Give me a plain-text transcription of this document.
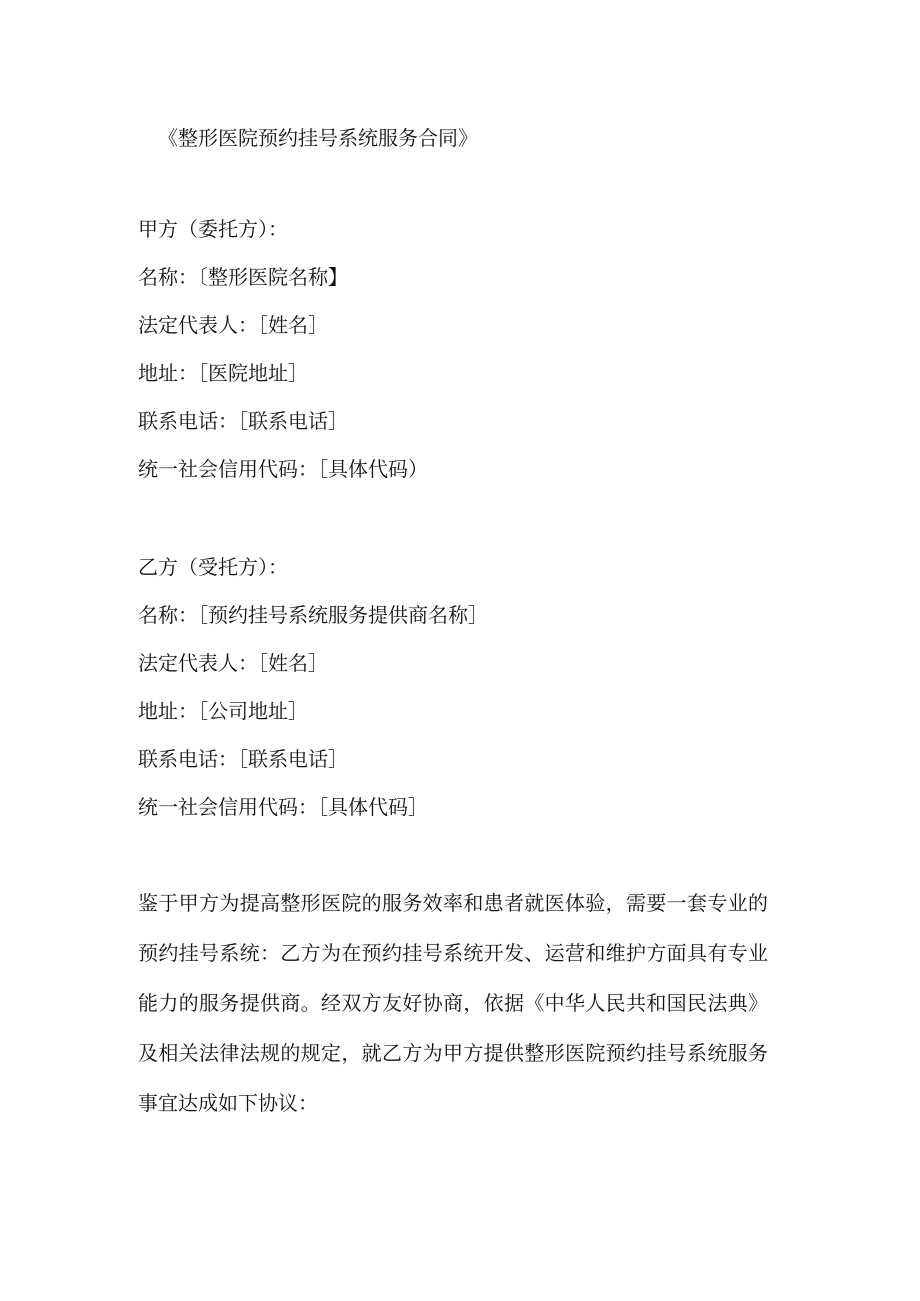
《整形医院预约挂号系统服务合同》
甲方（委托方）：
名称：〔整形医院名称】
法定代表人：［姓名］
地址：［医院地址］
联系电话：［联系电话］
统一社会信用代码：［具体代码）
乙方（受托方）：
名称：［预约挂号系统服务提供商名称］
法定代表人：［姓名］
地址：［公司地址］
联系电话：［联系电话］
统一社会信用代码：［具体代码］
鉴于甲方为提高整形医院的服务效率和患者就医体验，需要一套专业的预约挂号系统：乙方为在预约挂号系统开发、运营和维护方面具有专业能力的服务提供商。经双方友好协商，依据《中华人民共和国民法典》及相关法律法规的规定，就乙方为甲方提供整形医院预约挂号系统服务事宜达成如下协议：
